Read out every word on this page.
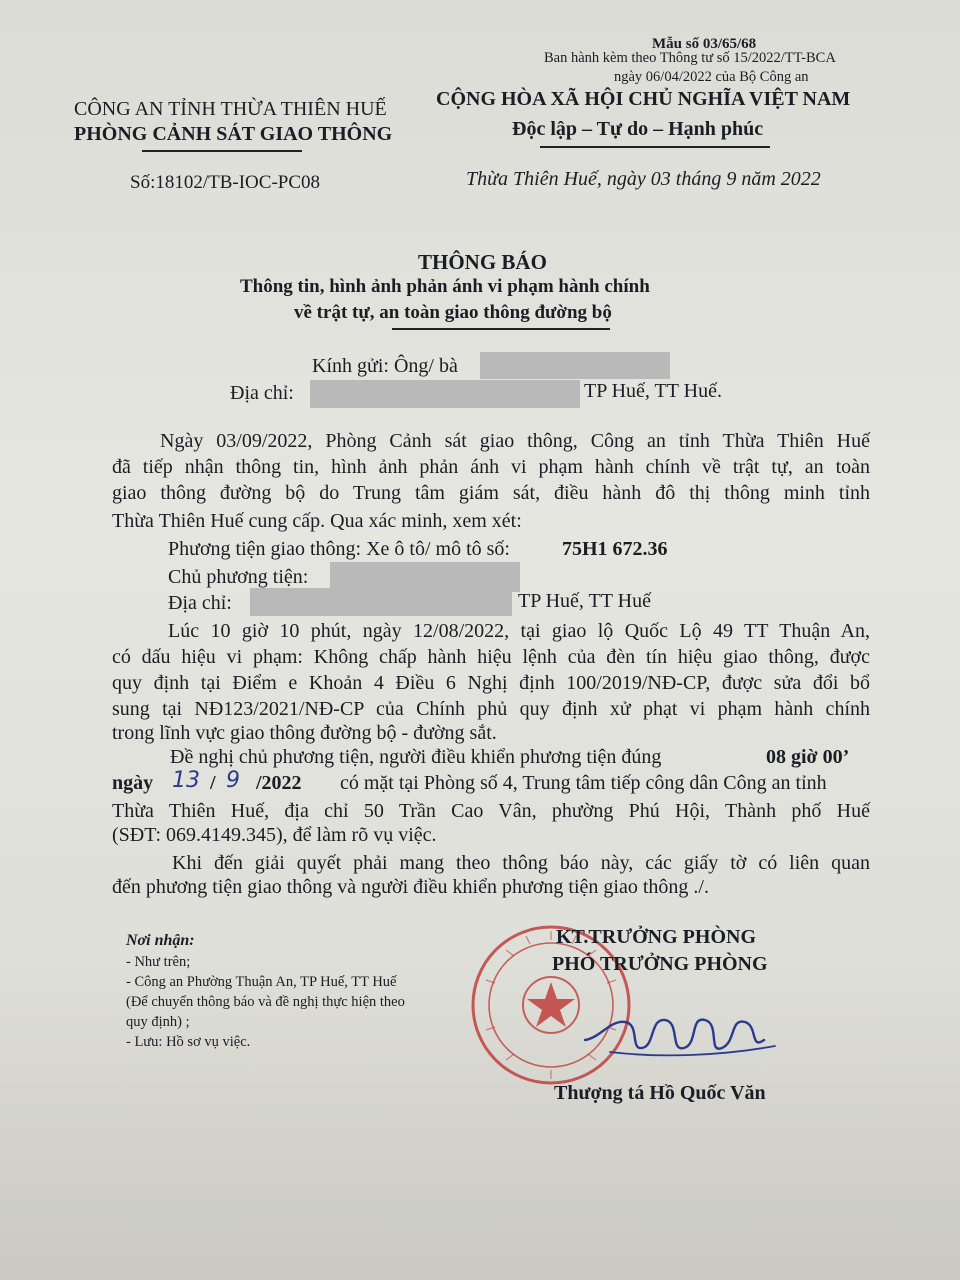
Mẫu số 03/65/68
Ban hành kèm theo Thông tư số 15/2022/TT-BCA
ngày 06/04/2022 của Bộ Công an
CÔNG AN TỈNH THỪA THIÊN HUẾ
PHÒNG CẢNH SÁT GIAO THÔNG
Số:18102/TB-IOC-PC08
CỘNG HÒA XÃ HỘI CHỦ NGHĨA VIỆT NAM
Độc lập – Tự do – Hạnh phúc
Thừa Thiên Huế, ngày 03 tháng 9 năm 2022
THÔNG BÁO
Thông tin, hình ảnh phản ánh vi phạm hành chính
về trật tự, an toàn giao thông đường bộ
Kính gửi: Ông/ bà
Địa chỉ:	TP Huế, TT Huế.
Ngày 03/09/2022, Phòng Cảnh sát giao thông, Công an tỉnh Thừa Thiên Huế
đã tiếp nhận thông tin, hình ảnh phản ánh vi phạm hành chính về trật tự, an toàn
giao thông đường bộ do Trung tâm giám sát, điều hành đô thị thông minh tỉnh
Thừa Thiên Huế cung cấp. Qua xác minh, xem xét:
Phương tiện giao thông: Xe ô tô/ mô tô số:	75H1 672.36
Chủ phương tiện:
Địa chỉ:	TP Huế, TT Huế
Lúc 10 giờ 10 phút, ngày 12/08/2022, tại giao lộ Quốc Lộ 49 TT Thuận An,
có dấu hiệu vi phạm: Không chấp hành hiệu lệnh của đèn tín hiệu giao thông, được
quy định tại Điểm e Khoản 4 Điều 6 Nghị định 100/2019/NĐ-CP, được sửa đổi bổ
sung tại NĐ123/2021/NĐ-CP của Chính phủ quy định xử phạt vi phạm hành chính
trong lĩnh vực giao thông đường bộ - đường sắt.
Đề nghị chủ phương tiện, người điều khiển phương tiện đúng	08 giờ 00’
ngày 13 / 9 /2022 có mặt tại Phòng số 4, Trung tâm tiếp công dân Công an tỉnh
Thừa Thiên Huế, địa chỉ 50 Trần Cao Vân, phường Phú Hội, Thành phố Huế
(SĐT: 069.4149.345), để làm rõ vụ việc.
Khi đến giải quyết phải mang theo thông báo này, các giấy tờ có liên quan
đến phương tiện giao thông và người điều khiển phương tiện giao thông ./.
Nơi nhận:
- Như trên;
- Công an Phường Thuận An, TP Huế, TT Huế
(Để chuyển thông báo và đề nghị thực hiện theo
quy định) ;
- Lưu: Hồ sơ vụ việc.
KT.TRƯỞNG PHÒNG
PHÓ TRƯỞNG PHÒNG
Thượng tá Hồ Quốc Văn
